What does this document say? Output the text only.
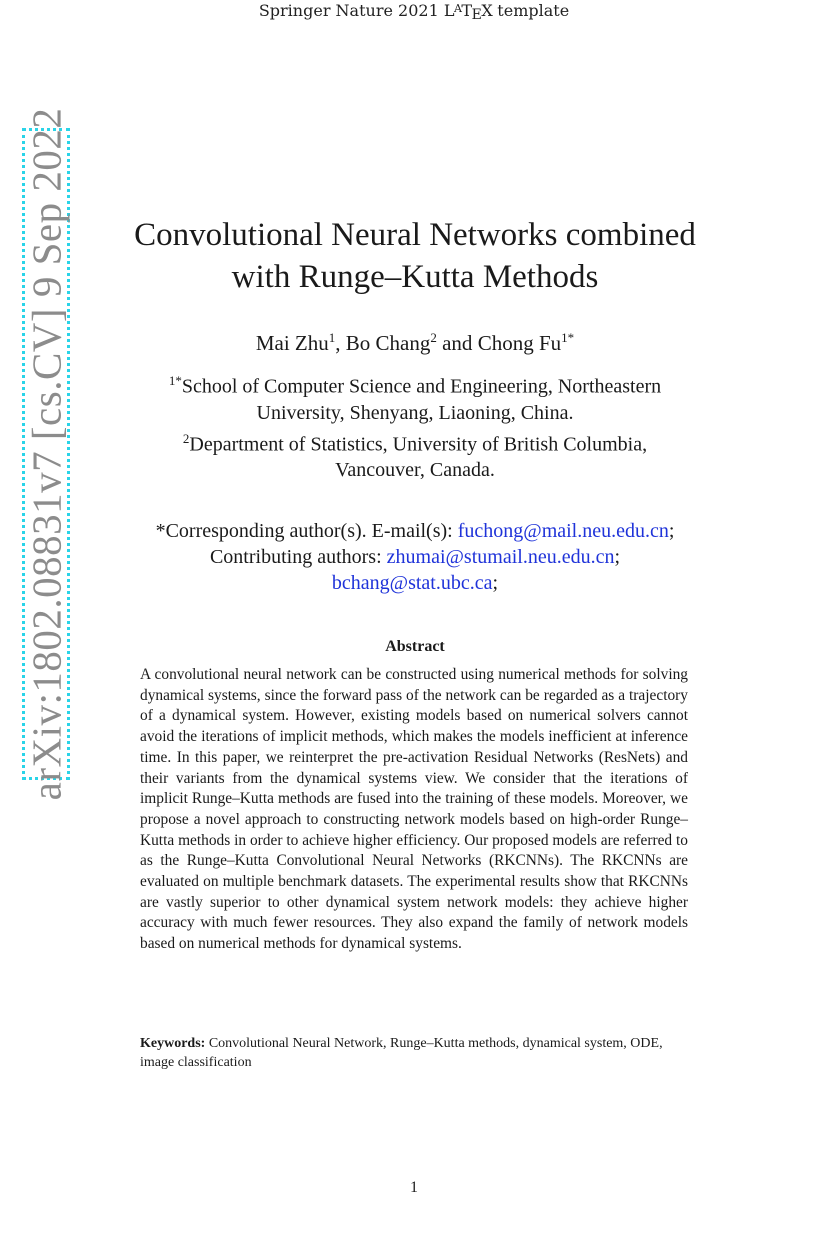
Springer Nature 2021 $L^AT_EX$ template
arXiv:1802.08831v7 [cs.CV] 9 Sep 2022	Convolutional Neural Networks combined
with Runge–Kutta Methods
Mai Zhu$^1$, Bo Chang$^2$ and Chong $Fu^{1*}$
$^{1*}$School of Computer Science and Engineering, Northeastern
University, Shenyang, Liaoning, China.
$^2$Department of Statistics, University of British Columbia,
Vancouver, Canada.
*Corresponding author(s). E-mail(s): fuchong@mail.neu.edu.cn;
Contributing authors: zhumai@stumail.neu.edu.cn;
bchang@stat.ubc.ca;
Abstract
A convolutional neural network can be constructed using numerical methods for solving dynamical systems, since the forward pass of the network can be regarded as a trajectory of a dynamical system. However, existing models based on numerical solvers cannot avoid the iterations of implicit methods, which makes the models inefficient at inference time. In this paper, we reinterpret the pre-activation Residual Networks (ResNets) and their variants from the dynamical systems view. We consider that the iterations of implicit Runge–Kutta methods are fused into the training of these models. Moreover, we propose a novel approach to constructing network models based on high-order Runge–Kutta methods in order to achieve higher efficiency. Our proposed models are referred to as the Runge–Kutta Convolutional Neural Networks (RKCNNs). The RKCNNs are evaluated on multiple benchmark datasets. The experimental results show that RKCNNs are vastly superior to other dynamical system network models: they achieve higher accuracy with much fewer resources. They also expand the family of network models based on numerical methods for dynamical systems.
Keywords: Convolutional Neural Network, Runge–Kutta methods, dynamical system, ODE, image classification
1
